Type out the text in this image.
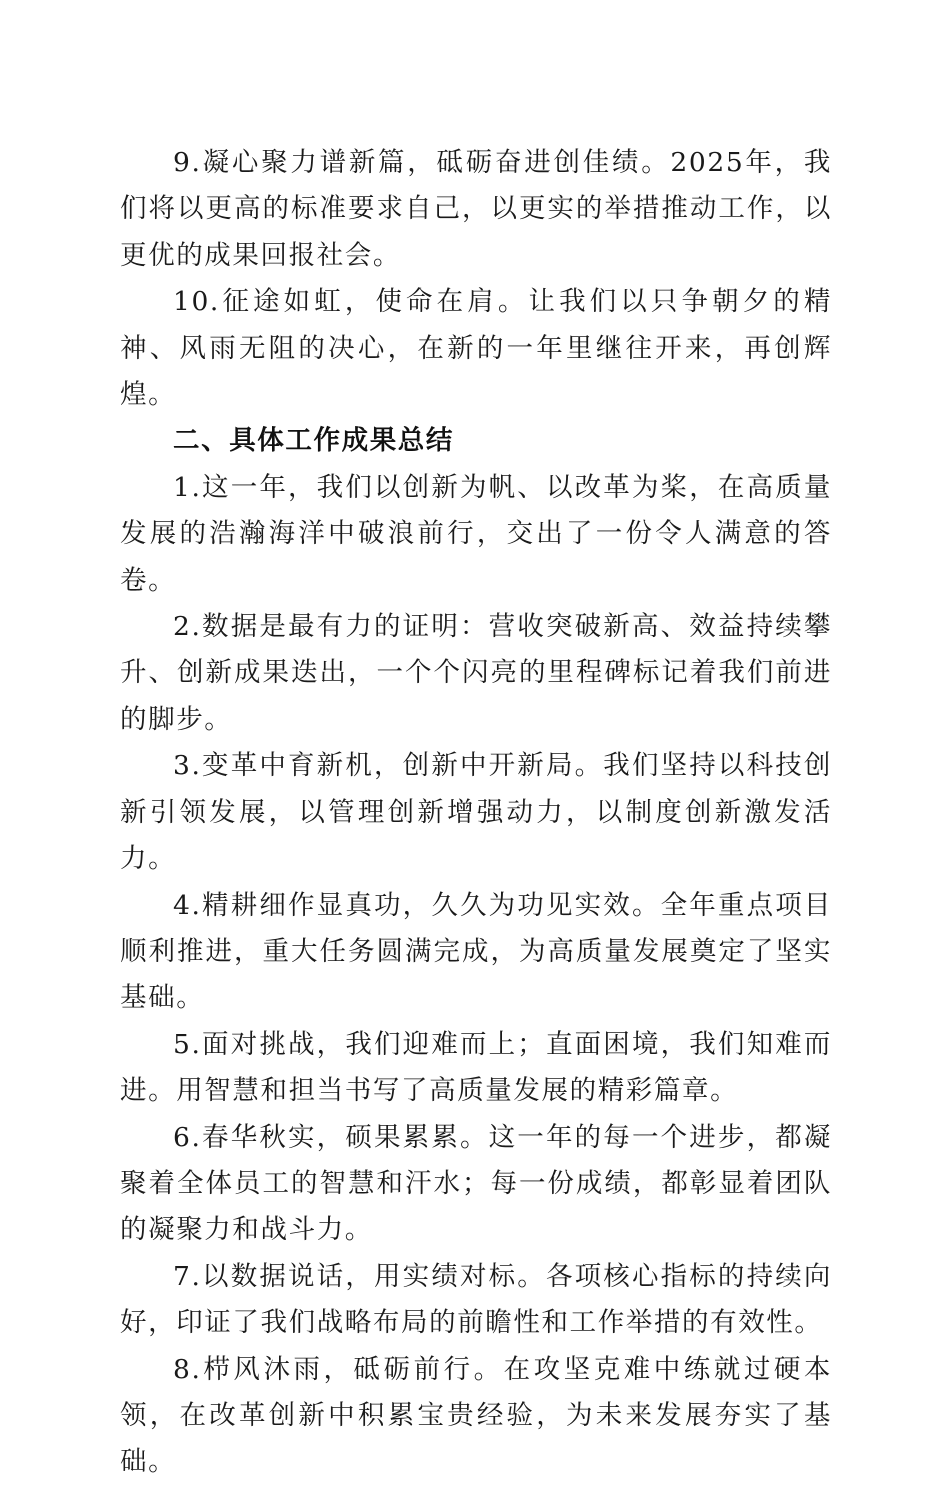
9.凝心聚力谱新篇，砥砺奋进创佳绩。2025年，我们将以更高的标准要求自己，以更实的举措推动工作，以更优的成果回报社会。

10.征途如虹，使命在肩。让我们以只争朝夕的精神、风雨无阻的决心，在新的一年里继往开来，再创辉煌。

二、具体工作成果总结

1.这一年，我们以创新为帆、以改革为桨，在高质量发展的浩瀚海洋中破浪前行，交出了一份令人满意的答卷。

2.数据是最有力的证明：营收突破新高、效益持续攀升、创新成果迭出，一个个闪亮的里程碑标记着我们前进的脚步。

3.变革中育新机，创新中开新局。我们坚持以科技创新引领发展，以管理创新增强动力，以制度创新激发活力。

4.精耕细作显真功，久久为功见实效。全年重点项目顺利推进，重大任务圆满完成，为高质量发展奠定了坚实基础。

5.面对挑战，我们迎难而上；直面困境，我们知难而进。用智慧和担当书写了高质量发展的精彩篇章。

6.春华秋实，硕果累累。这一年的每一个进步，都凝聚着全体员工的智慧和汗水；每一份成绩，都彰显着团队的凝聚力和战斗力。

7.以数据说话，用实绩对标。各项核心指标的持续向好，印证了我们战略布局的前瞻性和工作举措的有效性。

8.栉风沐雨，砥砺前行。在攻坚克难中练就过硬本领，在改革创新中积累宝贵经验，为未来发展夯实了基础。
